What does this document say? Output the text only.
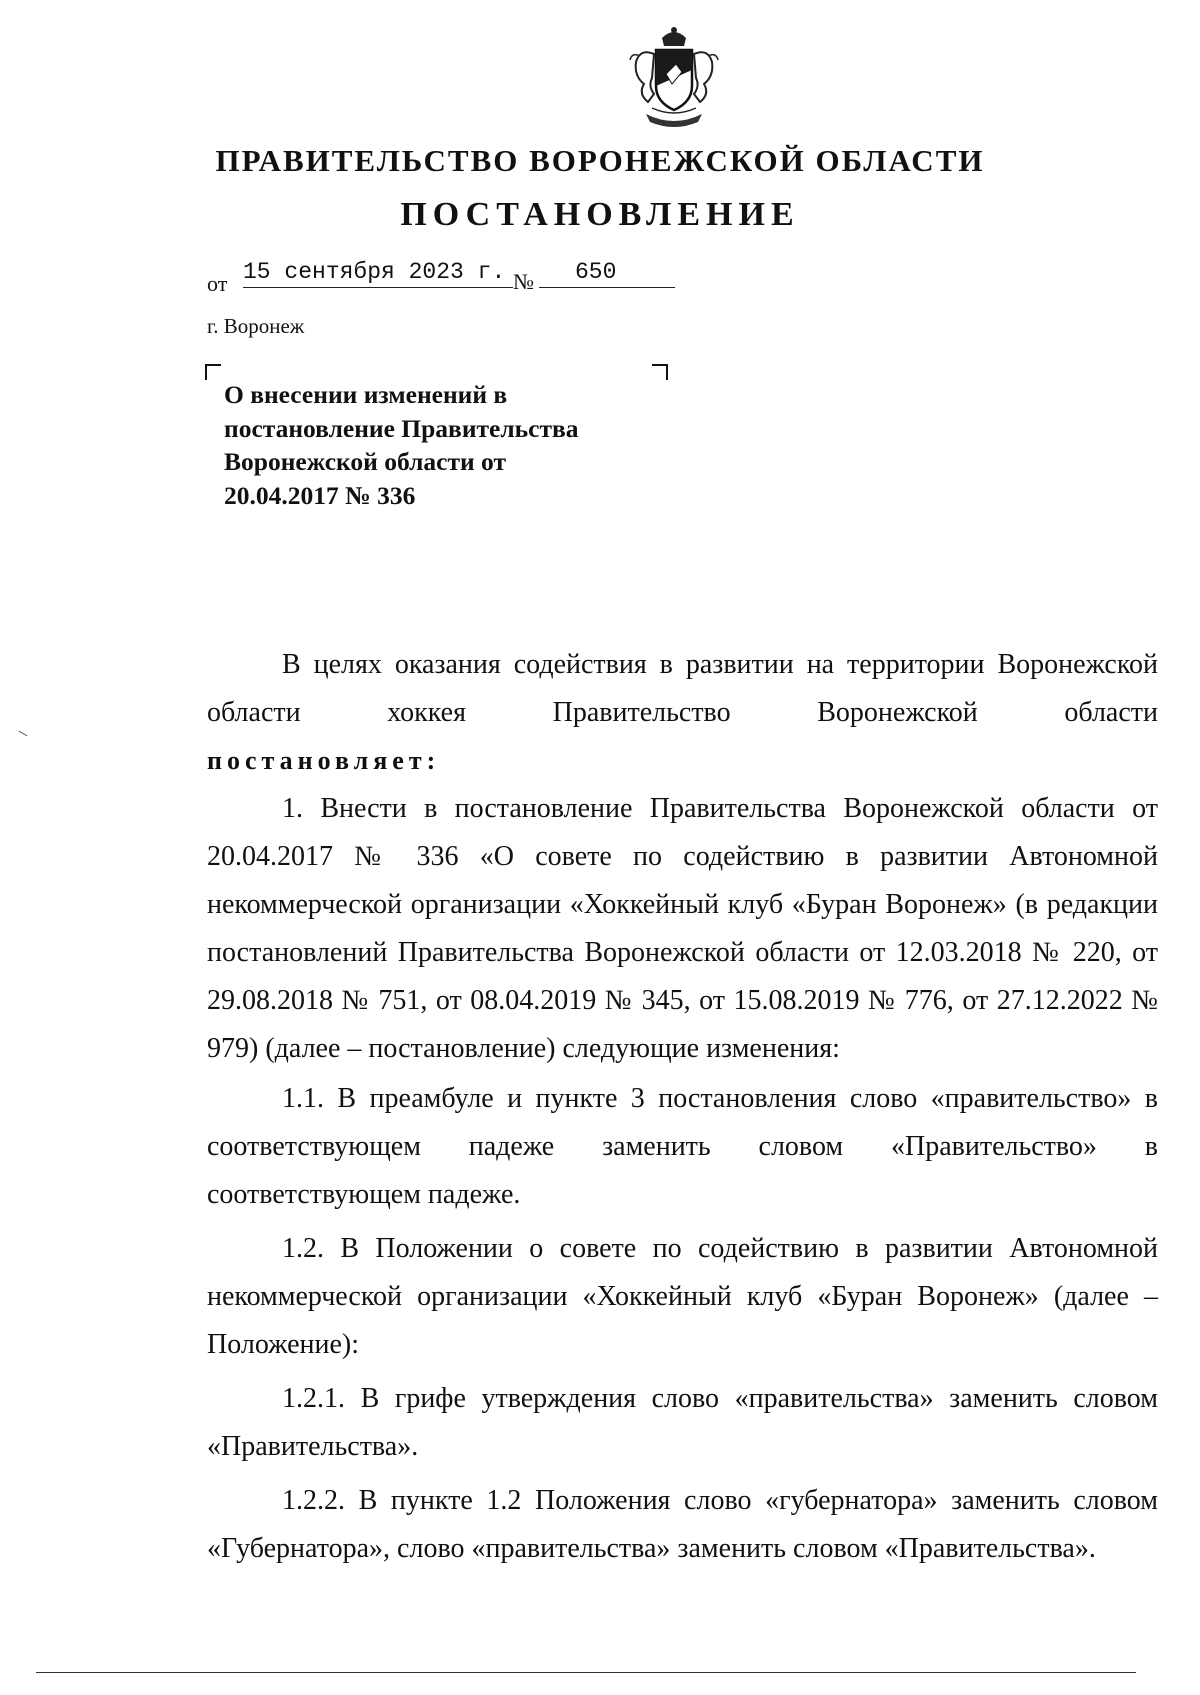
ПРАВИТЕЛЬСТВО ВОРОНЕЖСКОЙ ОБЛАСТИ
ПОСТАНОВЛЕНИЕ
от 15 сентября 2023 г. №	650
г. Воронеж
О внесении изменений в
постановление Правительства
Воронежской области от
20.04.2017 № 336

В целях оказания содействия в развитии на территории Воронежской

области хоккея Правительство Воронежской области

постановляет:

1. Внести в постановление Правительства Воронежской области от 20.04.2017 № 336 «О совете по содействию в развитии Автономной некоммерческой организации «Хоккейный клуб «Буран Воронеж» (в редакции постановлений Правительства Воронежской области от 12.03.2018 № 220, от 29.08.2018 № 751, от 08.04.2019 № 345, от 15.08.2019 № 776, от 27.12.2022 № 979) (далее – постановление) следующие изменения:

1.1. В преамбуле и пункте 3 постановления слово «правительство» в соответствующем падеже заменить словом «Правительство» в соответствующем падеже.

1.2. В Положении о совете по содействию в развитии Автономной некоммерческой организации «Хоккейный клуб «Буран Воронеж» (далее – Положение):

1.2.1. В грифе утверждения слово «правительства» заменить словом «Правительства».

1.2.2. В пункте 1.2 Положения слово «губернатора» заменить словом «Губернатора», слово «правительства» заменить словом «Правительства».
